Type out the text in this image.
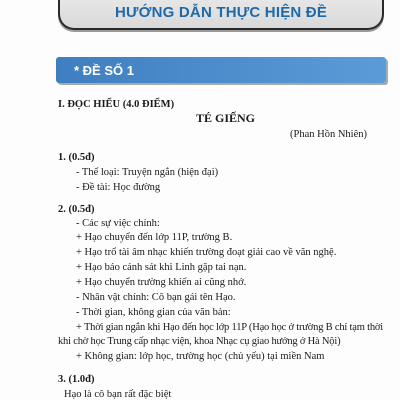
HƯỚNG DẪN THỰC HIỆN ĐỀ
* ĐỀ SỐ 1
I. ĐỌC HIỂU (4.0 ĐIỂM)
TÉ GIẾNG
(Phan Hồn Nhiên)
1. (0.5đ)
- Thể loại: Truyện ngắn (hiện đại)
- Đề tài: Học đường
2. (0.5đ)
- Các sự việc chính:
+ Hạo chuyển đến lớp 11P, trường B.
+ Hạo trổ tài âm nhạc khiến trường đoạt giải cao về văn nghệ.
+ Hạo báo cảnh sát khi Linh gặp tai nạn.
+ Hạo chuyển trường khiến ai cũng nhớ.
- Nhân vật chính: Cô bạn gái tên Hạo.
- Thời gian, không gian của văn bản:
+ Thời gian ngắn khi Hạo đến học lớp 11P (Hạo học ở trường B chỉ tạm thời
khi chờ học Trung cấp nhạc viện, khoa Nhạc cụ giao hưởng ở Hà Nội)
+ Không gian: lớp học, trường học (chủ yếu) tại miền Nam
3. (1.0đ)
Hạo là cô bạn rất đặc biệt
